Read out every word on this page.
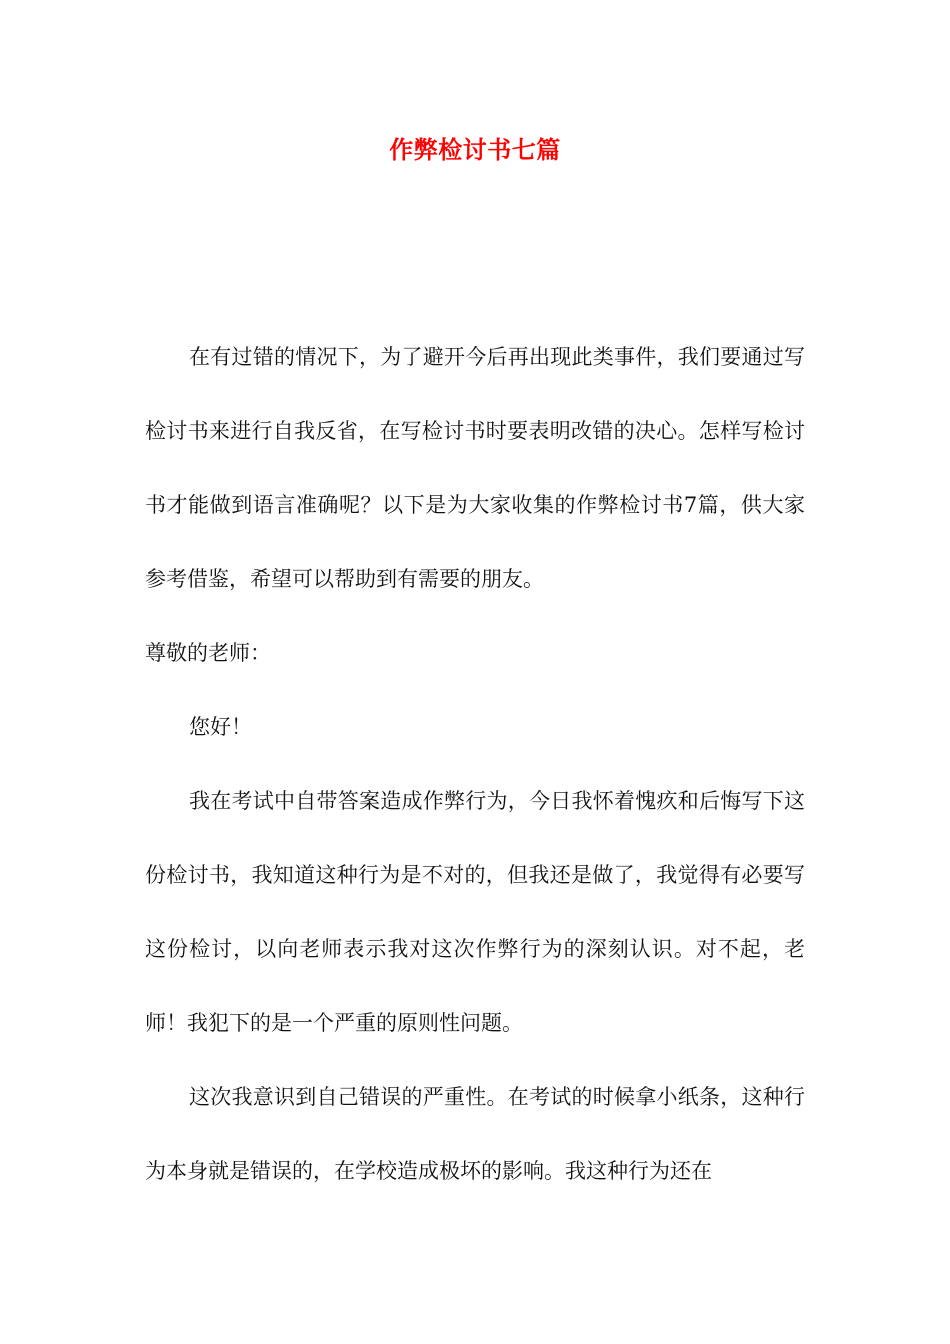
作弊检讨书七篇

在有过错的情况下，为了避开今后再出现此类事件，我们要通过写检讨书来进行自我反省，在写检讨书时要表明改错的决心。怎样写检讨书才能做到语言准确呢？以下是为大家收集的作弊检讨书7篇，供大家参考借鉴，希望可以帮助到有需要的朋友。

尊敬的老师：

您好！

我在考试中自带答案造成作弊行为，今日我怀着愧疚和后悔写下这份检讨书，我知道这种行为是不对的，但我还是做了，我觉得有必要写这份检讨，以向老师表示我对这次作弊行为的深刻认识。对不起，老师！我犯下的是一个严重的原则性问题。

这次我意识到自己错误的严重性。在考试的时候拿小纸条，这种行为本身就是错误的，在学校造成极坏的影响。我这种行为还在
